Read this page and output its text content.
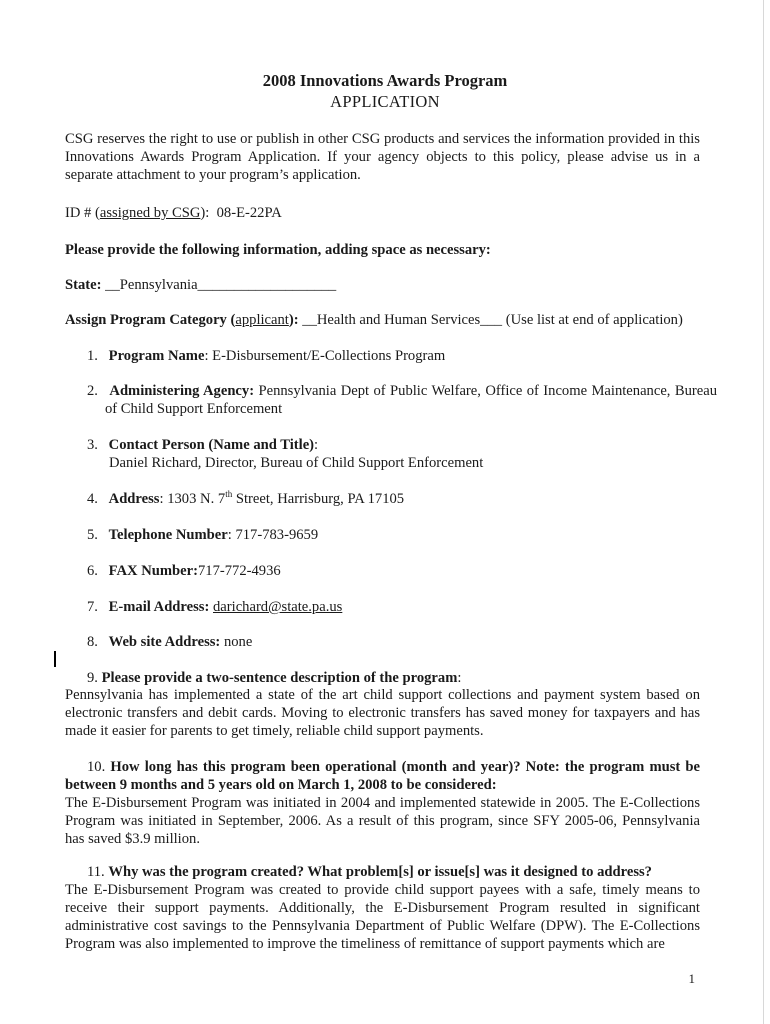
2008 Innovations Awards Program
APPLICATION
CSG reserves the right to use or publish in other CSG products and services the information provided in this Innovations Awards Program Application. If your agency objects to this policy, please advise us in a separate attachment to your program’s application.
ID # (assigned by CSG): 08-E-22PA
Please provide the following information, adding space as necessary:
State: __Pennsylvania___________________
Assign Program Category (applicant): __Health and Human Services___ (Use list at end of application)
1. Program Name: E-Disbursement/E-Collections Program
2. Administering Agency: Pennsylvania Dept of Public Welfare, Office of Income Maintenance, Bureau of Child Support Enforcement
3. Contact Person (Name and Title):
Daniel Richard, Director, Bureau of Child Support Enforcement
4. Address: 1303 N. 7th Street, Harrisburg, PA 17105
5. Telephone Number: 717-783-9659
6. FAX Number:717-772-4936
7. E-mail Address: darichard@state.pa.us
8. Web site Address: none
9. Please provide a two-sentence description of the program:
Pennsylvania has implemented a state of the art child support collections and payment system based on electronic transfers and debit cards. Moving to electronic transfers has saved money for taxpayers and has made it easier for parents to get timely, reliable child support payments.
10. How long has this program been operational (month and year)? Note: the program must be between 9 months and 5 years old on March 1, 2008 to be considered:
The E-Disbursement Program was initiated in 2004 and implemented statewide in 2005. The E-Collections Program was initiated in September, 2006. As a result of this program, since SFY 2005-06, Pennsylvania has saved $3.9 million.
11. Why was the program created? What problem[s] or issue[s] was it designed to address?
The E-Disbursement Program was created to provide child support payees with a safe, timely means to receive their support payments. Additionally, the E-Disbursement Program resulted in significant administrative cost savings to the Pennsylvania Department of Public Welfare (DPW). The E-Collections Program was also implemented to improve the timeliness of remittance of support payments which are
1
